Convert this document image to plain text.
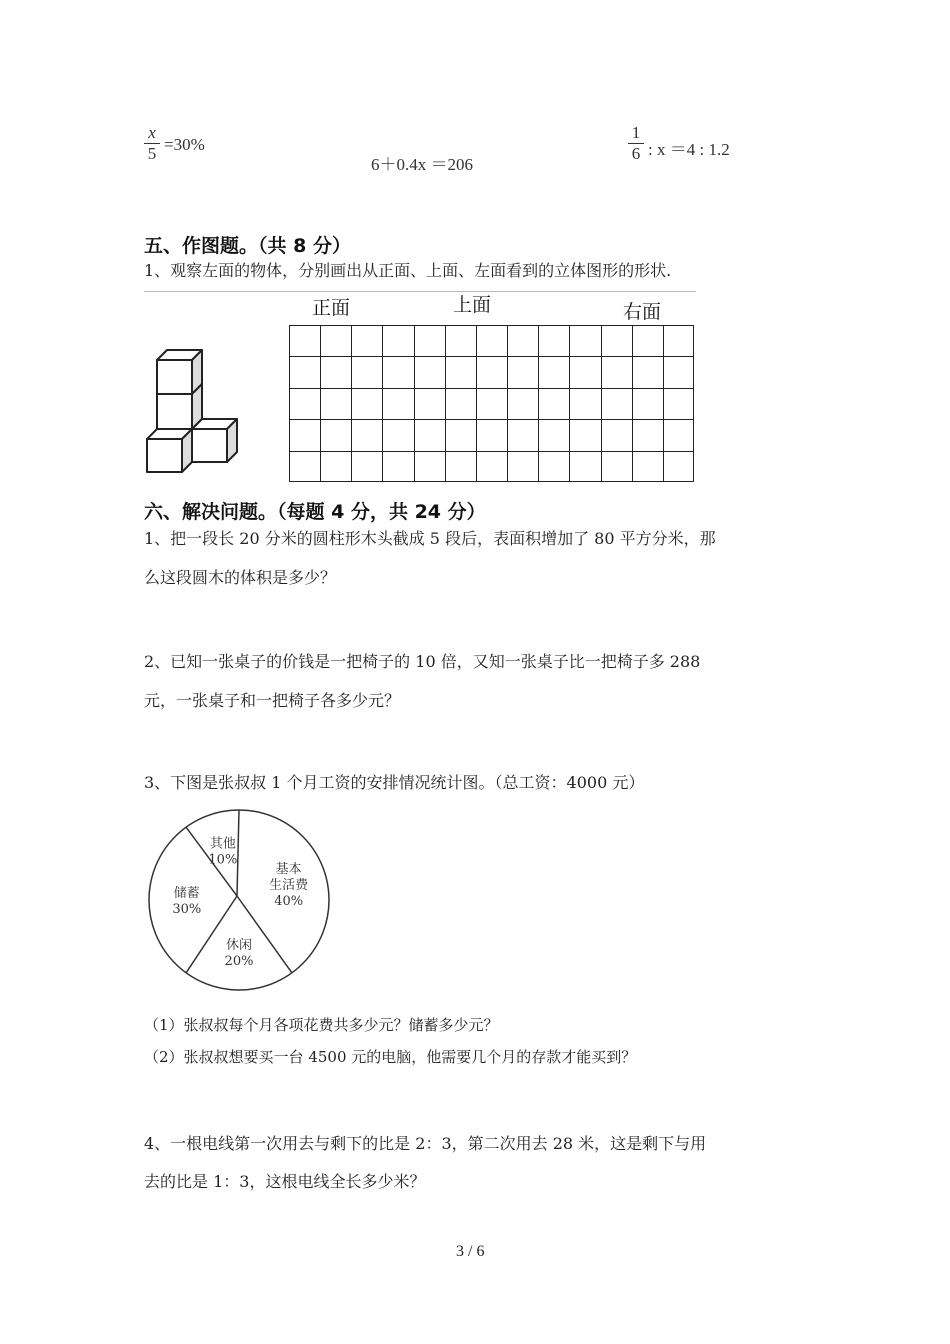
x
5 =30%
6＋0.4x ＝206
1
6 : x ＝4 : 1.2
五、作图题。（共 8 分）
1、观察左面的物体，分别画出从正面、上面、左面看到的立体图形的形状.
正面	上面	右面
六、解决问题。（每题 4 分，共 24 分）
1、把一段长 20 分米的圆柱形木头截成 5 段后，表面积增加了 80 平方分米，那
么这段圆木的体积是多少？
2、已知一张桌子的价钱是一把椅子的 10 倍，又知一张桌子比一把椅子多 288
元，一张桌子和一把椅子各多少元？
3、下图是张叔叔 1 个月工资的安排情况统计图。（总工资：4000 元）
基本
生活费
40%
休闲
20%
储蓄
30%
其他
10%
（1）张叔叔每个月各项花费共多少元？储蓄多少元？
（2）张叔叔想要买一台 4500 元的电脑，他需要几个月的存款才能买到？
4、一根电线第一次用去与剩下的比是 2：3，第二次用去 28 米，这是剩下与用
去的比是 1：3，这根电线全长多少米？
3 / 6
